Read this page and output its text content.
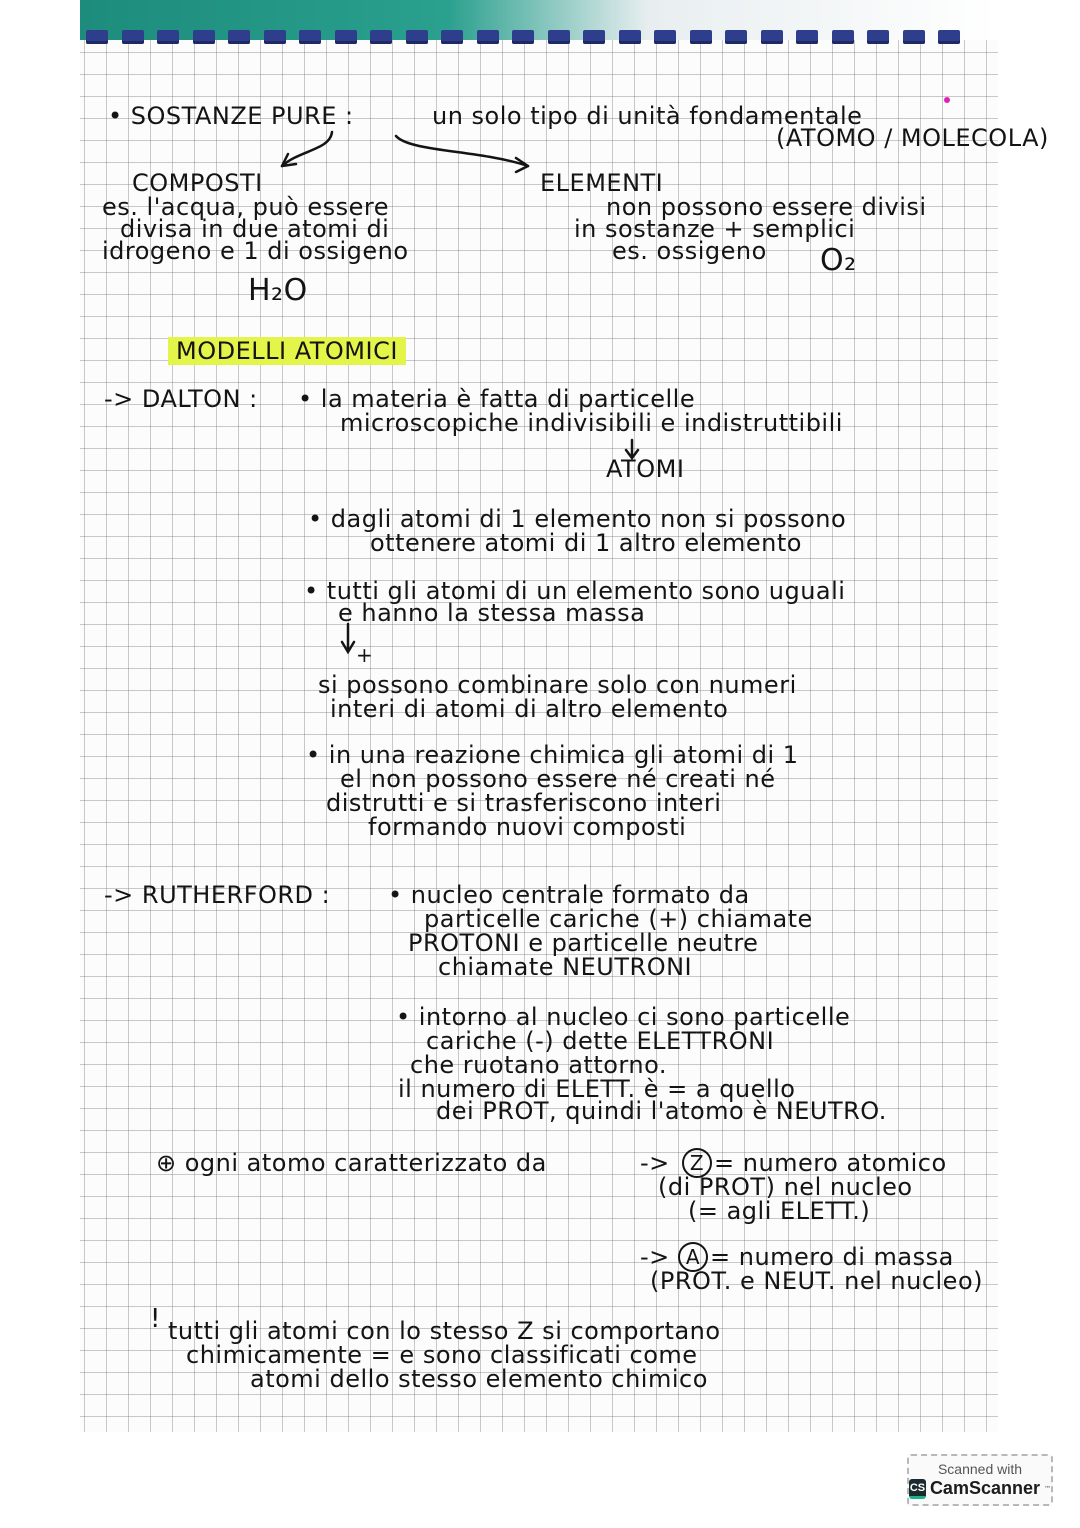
• SOSTANZE PURE :	un solo tipo di unità fondamentale
(ATOMO / MOLECOLA)
COMPOSTI
es. l'acqua, può essere
divisa in due atomi di
idrogeno e 1 di ossigeno
H₂O
ELEMENTI
non possono essere divisi
in sostanze + semplici
es. ossigeno O₂
MODELLI ATOMICI
-> DALTON : • la materia è fatta di particelle
microscopiche indivisibili e indistruttibili
ATOMI
• dagli atomi di 1 elemento non si possono
ottenere atomi di 1 altro elemento
• tutti gli atomi di un elemento sono uguali
e hanno la stessa massa
+
si possono combinare solo con numeri
interi di atomi di altro elemento
• in una reazione chimica gli atomi di 1
el non possono essere né creati né
distrutti e si trasferiscono interi
formando nuovi composti
-> RUTHERFORD : • nucleo centrale formato da
particelle cariche (+) chiamate
PROTONI e particelle neutre
chiamate NEUTRONI
• intorno al nucleo ci sono particelle
cariche (-) dette ELETTRONI
che ruotano attorno.
il numero di ELETT. è = a quello
dei PROT, quindi l'atomo è NEUTRO.
⊕ ogni atomo caratterizzato da	->	Z = numero atomico
(di PROT) nel nucleo
(= agli ELETT.)
-> A = numero di massa
(PROT. e NEUT. nel nucleo)
! tutti gli atomi con lo stesso Z si comportano
chimicamente = e sono classificati come
atomi dello stesso elemento chimico
Scanned with
CS CamScanner ™
